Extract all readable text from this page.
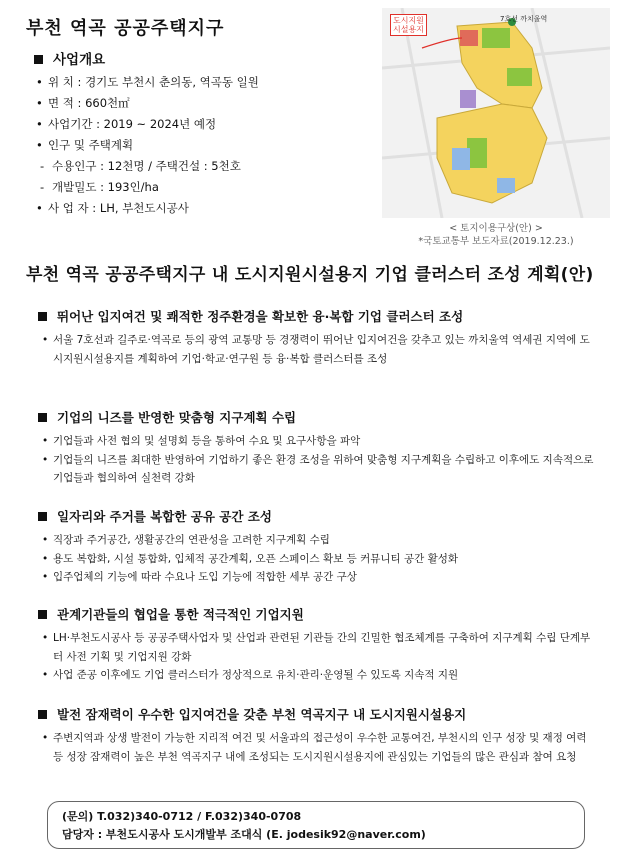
부천 역곡 공공주택지구
사업개요
• 위 치 : 경기도 부천시 춘의동, 역곡동 일원
• 면 적 : 660천㎡
• 사업기간 : 2019 ~ 2024년 예정
• 인구 및 주택계획
- 수용인구 : 12천명 / 주택건설 : 5천호
- 개발밀도 : 193인/ha
• 사 업 자 : LH, 부천도시공사
도시지원
시설용지
7호선 까치울역
< 토지이용구상(안) >
*국토교통부 보도자료(2019.12.23.)
부천 역곡 공공주택지구 내 도시지원시설용지 기업 클러스터 조성 계획(안)
뛰어난 입지여건 및 쾌적한 정주환경을 확보한 융·복합 기업 클러스터 조성
• 서울 7호선과 길주로·역곡로 등의 광역 교통망 등 경쟁력이 뛰어난 입지여건을 갖추고 있는 까치울역 역세권 지역에 도시지원시설용지를 계획하여 기업·학교·연구원 등 융·복합 클러스터를 조성
기업의 니즈를 반영한 맞춤형 지구계획 수립
• 기업들과 사전 협의 및 설명회 등을 통하여 수요 및 요구사항을 파악
• 기업들의 니즈를 최대한 반영하여 기업하기 좋은 환경 조성을 위하여 맞춤형 지구계획을 수립하고 이후에도 지속적으로 기업들과 협의하여 실천력 강화
일자리와 주거를 복합한 공유 공간 조성
• 직장과 주거공간, 생활공간의 연관성을 고려한 지구계획 수립
• 용도 복합화, 시설 통합화, 입체적 공간계획, 오픈 스페이스 확보 등 커뮤니티 공간 활성화
• 입주업체의 기능에 따라 수요나 도입 기능에 적합한 세부 공간 구상
관계기관들의 협업을 통한 적극적인 기업지원
• LH·부천도시공사 등 공공주택사업자 및 산업과 관련된 기관들 간의 긴밀한 협조체계를 구축하여 지구계획 수립 단계부터 사전 기획 및 기업지원 강화
• 사업 준공 이후에도 기업 클러스터가 정상적으로 유치·관리·운영될 수 있도록 지속적 지원
발전 잠재력이 우수한 입지여건을 갖춘 부천 역곡지구 내 도시지원시설용지
• 주변지역과 상생 발전이 가능한 지리적 여건 및 서울과의 접근성이 우수한 교통여건, 부천시의 인구 성장 및 재정 여력 등 성장 잠재력이 높은 부천 역곡지구 내에 조성되는 도시지원시설용지에 관심있는 기업들의 많은 관심과 참여 요청
(문의) T.032)340-0712 / F.032)340-0708
담당자 : 부천도시공사 도시개발부 조대식 (E. jodesik92@naver.com)
